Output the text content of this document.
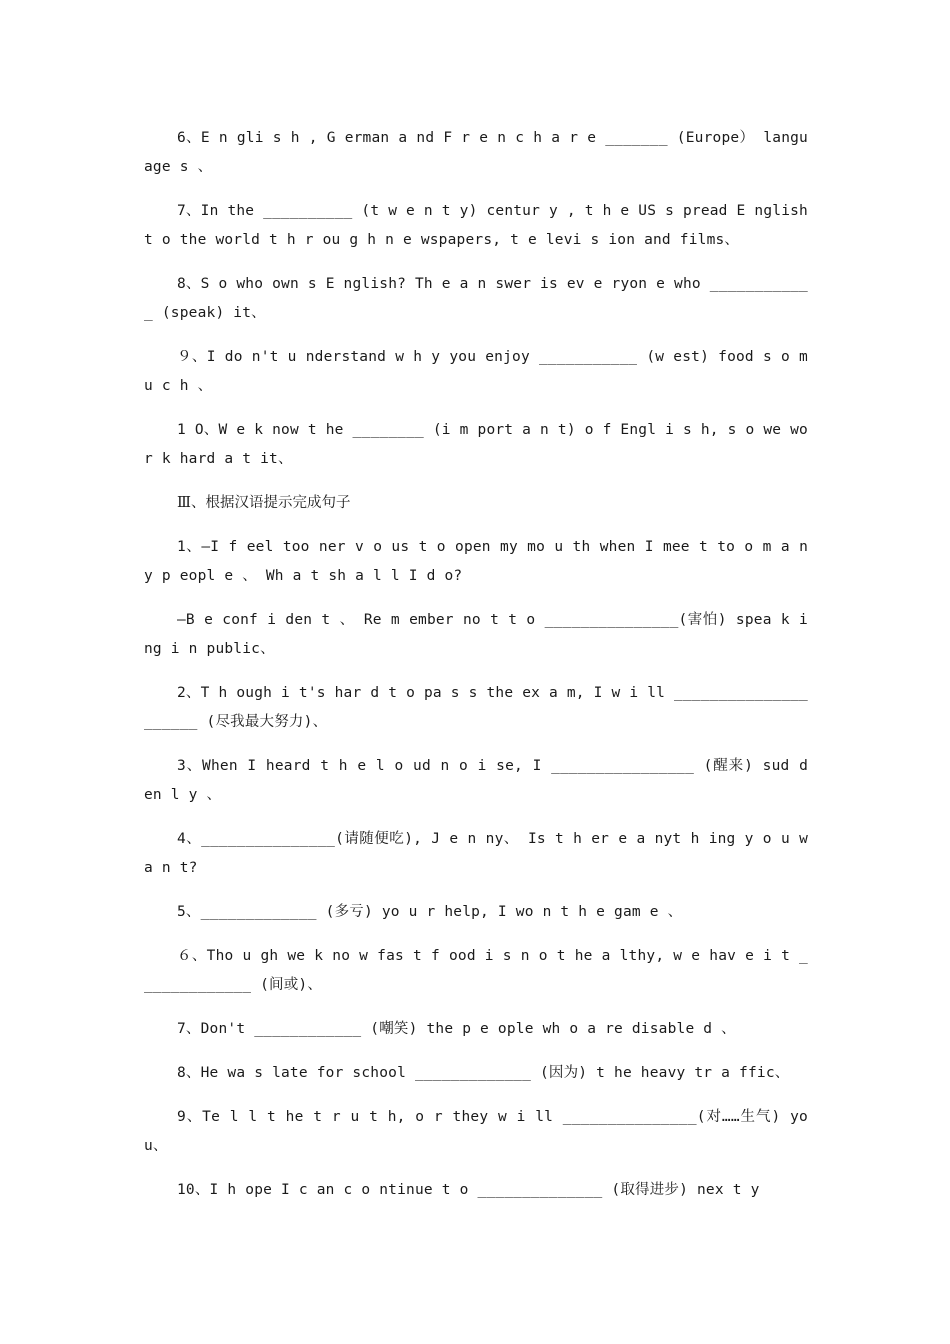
6、E n gli s h , G erman a nd F r e n c h a r e _______ (Europe） language s 、

7、In the __________ (t w e n t y) centur y , t h e US s pread E nglish t o the world t h r ou g h n e wspapers, t e levi s ion and films、

8、S o who own s E nglish? Th e a n swer is ev e ryon e who ____________ (speak) it、

９、I do n't u nderstand w h y you enjoy ___________ (w est) food s o m u c h 、

1 O、W e k now t he ________ (i m port a n t) o f Engl i s h, s o we wo r k hard a t it、

Ⅲ、根据汉语提示完成句子

1、—I f eel too ner v o us t o open my mo u th when I mee t to o m a n y p eopl e 、 Wh a t sh a l l I d o?

—B e conf i den t 、 Re m ember no t t o _______________(害怕) spea k ing i n public、

2、T h ough i t's har d t o pa s s the ex a m, I w i ll _____________________ (尽我最大努力)、

3、When I heard t h e l o ud n o i se, I ________________ (醒来) sud d en l y 、

4、_______________(请随便吃), J e n ny、 Is t h er e a nyt h ing y o u wa n t?

5、_____________ (多亏) yo u r help, I wo n t h e gam e 、

６、Tho u gh we k no w fas t f ood i s n o t he a lthy, w e hav e i t _____________ (间或)、

7、Don't ____________ (嘲笑) the p e ople wh o a re disable d 、

8、He wa s late for school _____________ (因为) t he heavy tr a ffic、

9、Te l l t he t r u t h, o r they w i ll _______________(对……生气) you、

10、I h ope I c an c o ntinue t o ______________ (取得进步) nex t y
